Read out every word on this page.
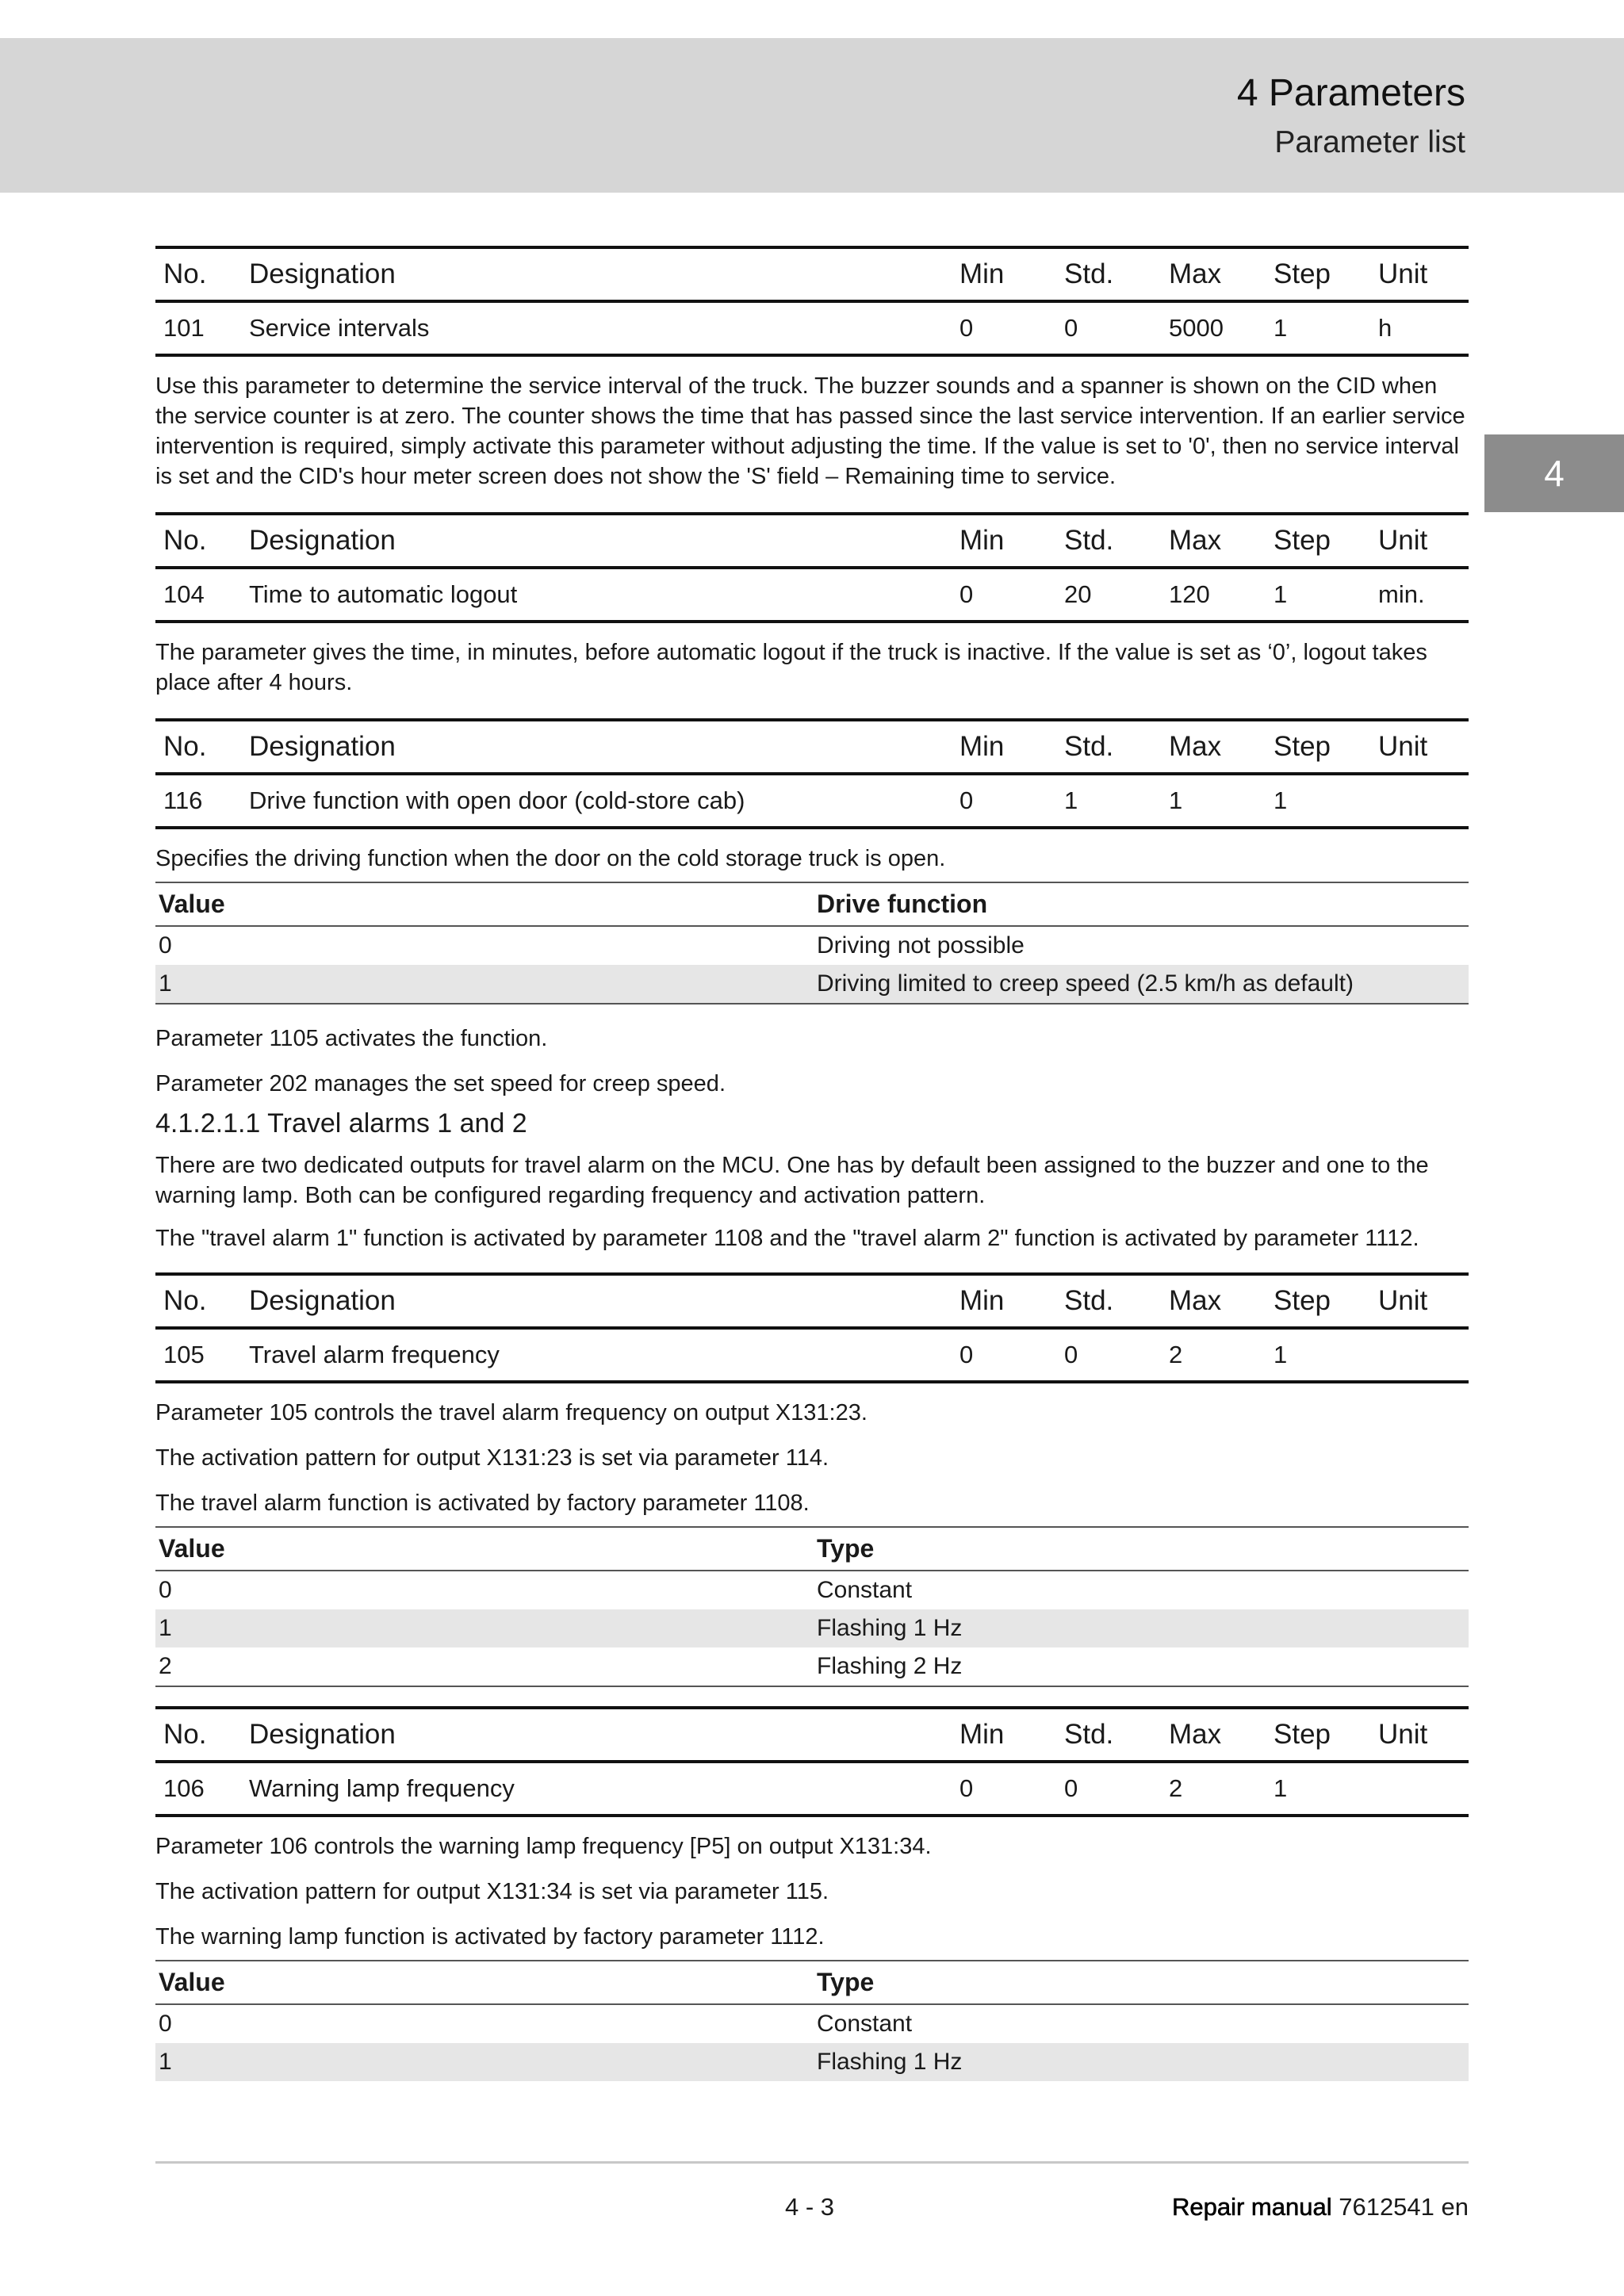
4 Parameters
Parameter list
4
No.	Designation	Min	Std.	Max	Step	Unit
101	Service intervals	0	0	5000	1	h

Use this parameter to determine the service interval of the truck. The buzzer sounds and a spanner is shown on the CID when the service counter is at zero. The counter shows the time that has passed since the last service intervention. If an earlier service intervention is required, simply activate this parameter without adjusting the time. If the value is set to '0', then no service interval is set and the CID's hour meter screen does not show the 'S' field – Remaining time to service.

No.	Designation	Min	Std.	Max	Step	Unit
104	Time to automatic logout	0	20	120	1	min.

The parameter gives the time, in minutes, before automatic logout if the truck is inactive. If the value is set as ‘0’, logout takes place after 4 hours.

No.	Designation	Min	Std.	Max	Step	Unit
116	Drive function with open door (cold-store cab)	0	1	1	1	

Specifies the driving function when the door on the cold storage truck is open.

Value	Drive function
0	Driving not possible
1	Driving limited to creep speed (2.5 km/h as default)

Parameter 1105 activates the function.

Parameter 202 manages the set speed for creep speed.

4.1.2.1.1 Travel alarms 1 and 2

There are two dedicated outputs for travel alarm on the MCU. One has by default been assigned to the buzzer and one to the warning lamp. Both can be configured regarding frequency and activation pattern.

The "travel alarm 1" function is activated by parameter 1108 and the "travel alarm 2" function is activated by parameter 1112.

No.	Designation	Min	Std.	Max	Step	Unit
105	Travel alarm frequency	0	0	2	1	

Parameter 105 controls the travel alarm frequency on output X131:23.

The activation pattern for output X131:23 is set via parameter 114.

The travel alarm function is activated by factory parameter 1108.

Value	Type
0	Constant
1	Flashing 1 Hz
2	Flashing 2 Hz
No.	Designation	Min	Std.	Max	Step	Unit
106	Warning lamp frequency	0	0	2	1	

Parameter 106 controls the warning lamp frequency [P5] on output X131:34.

The activation pattern for output X131:34 is set via parameter 115.

The warning lamp function is activated by factory parameter 1112.

Value	Type
0	Constant
1	Flashing 1 Hz
4 - 3	Repair manual 7612541 en
